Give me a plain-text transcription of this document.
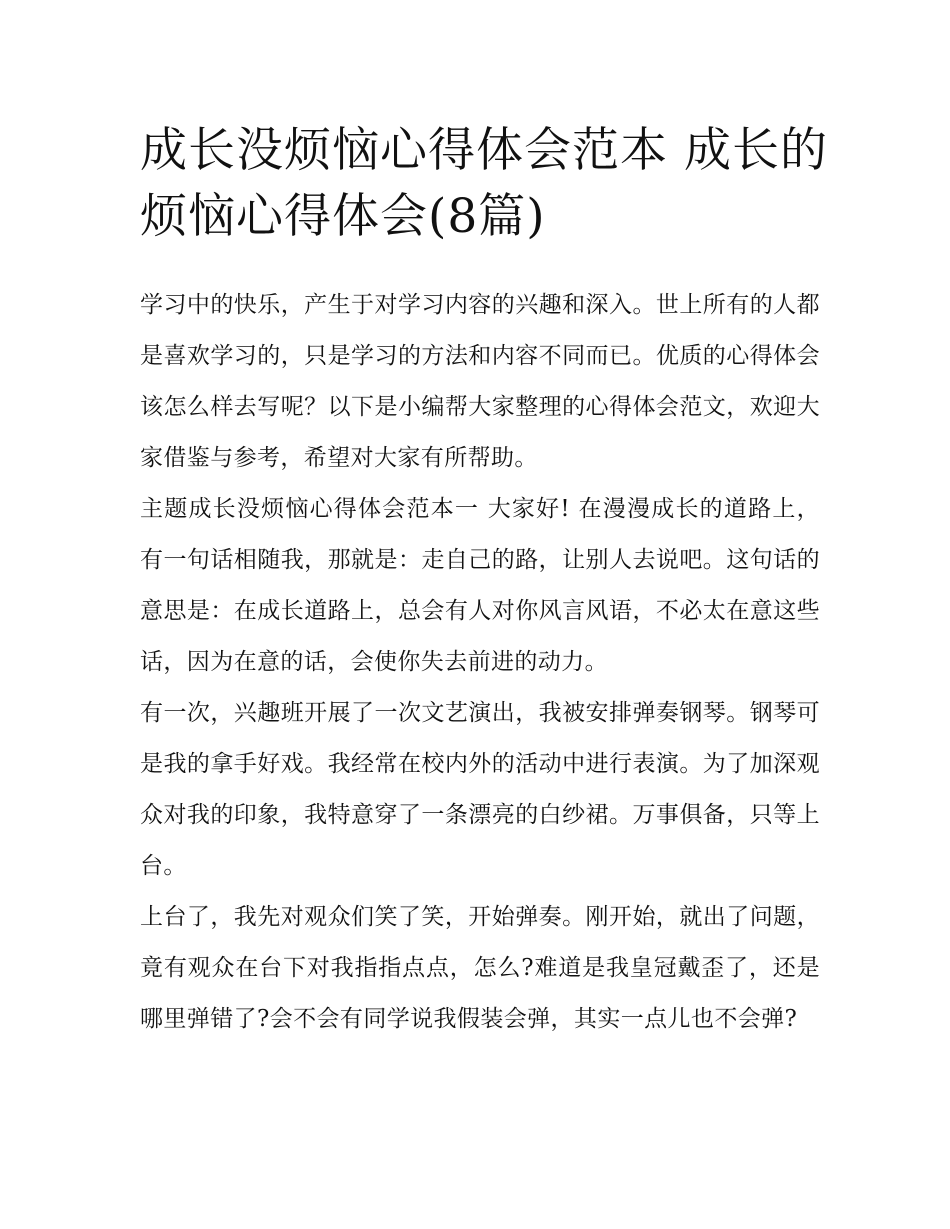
成长没烦恼心得体会范本 成长的烦恼心得体会(8篇)

学习中的快乐，产生于对学习内容的兴趣和深入。世上所有的人都是喜欢学习的，只是学习的方法和内容不同而已。优质的心得体会该怎么样去写呢？以下是小编帮大家整理的心得体会范文，欢迎大家借鉴与参考，希望对大家有所帮助。

主题成长没烦恼心得体会范本一 大家好! 在漫漫成长的道路上，有一句话相随我，那就是：走自己的路，让别人去说吧。这句话的意思是：在成长道路上，总会有人对你风言风语，不必太在意这些话，因为在意的话，会使你失去前进的动力。

有一次，兴趣班开展了一次文艺演出，我被安排弹奏钢琴。钢琴可是我的拿手好戏。我经常在校内外的活动中进行表演。为了加深观众对我的印象，我特意穿了一条漂亮的白纱裙。万事俱备，只等上台。

上台了，我先对观众们笑了笑，开始弹奏。刚开始，就出了问题，竟有观众在台下对我指指点点，怎么?难道是我皇冠戴歪了，还是哪里弹错了?会不会有同学说我假装会弹，其实一点儿也不会弹?
